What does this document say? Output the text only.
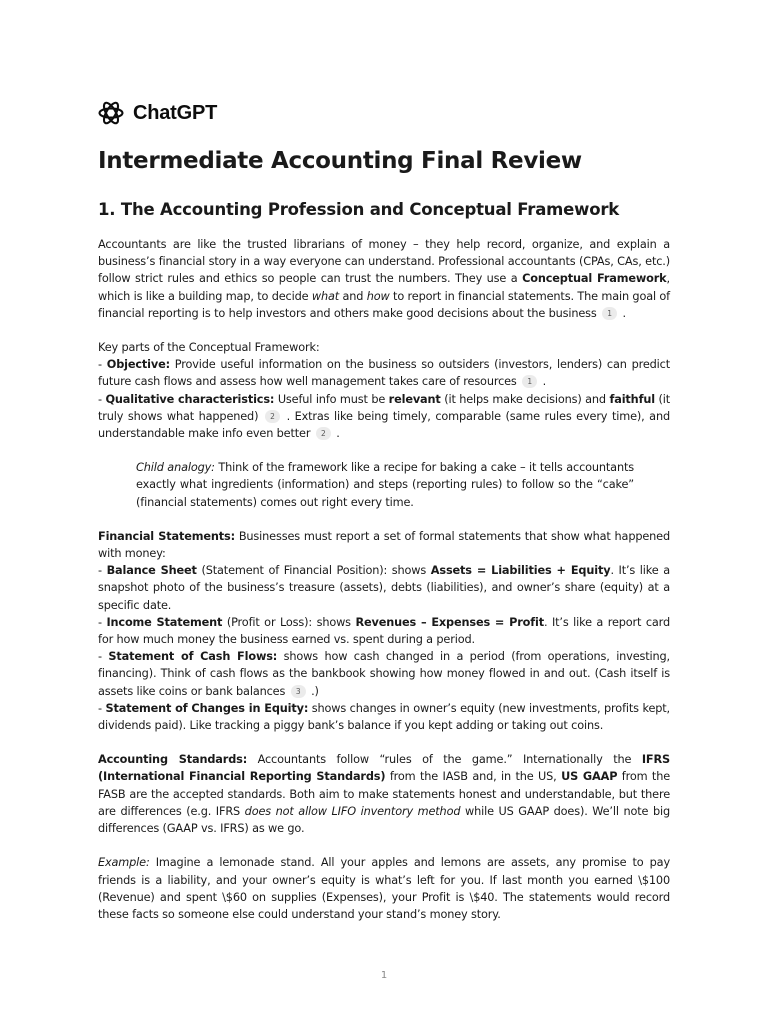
ChatGPT
Intermediate Accounting Final Review
1. The Accounting Profession and Conceptual Framework

Accountants are like the trusted librarians of money – they help record, organize, and explain a business’s financial story in a way everyone can understand. Professional accountants (CPAs, CAs, etc.) follow strict rules and ethics so people can trust the numbers. They use a Conceptual Framework, which is like a building map, to decide what and how to report in financial statements. The main goal of financial reporting is to help investors and others make good decisions about the business 1 .

Key parts of the Conceptual Framework:
- Objective: Provide useful information on the business so outsiders (investors, lenders) can predict future cash flows and assess how well management takes care of resources 1 .
- Qualitative characteristics: Useful info must be relevant (it helps make decisions) and faithful (it truly shows what happened) 2 . Extras like being timely, comparable (same rules every time), and understandable make info even better 2 .

Child analogy: Think of the framework like a recipe for baking a cake – it tells accountants exactly what ingredients (information) and steps (reporting rules) to follow so the “cake” (financial statements) comes out right every time.

Financial Statements: Businesses must report a set of formal statements that show what happened with money:
- Balance Sheet (Statement of Financial Position): shows Assets = Liabilities + Equity. It’s like a snapshot photo of the business’s treasure (assets), debts (liabilities), and owner’s share (equity) at a specific date.
- Income Statement (Profit or Loss): shows Revenues – Expenses = Profit. It’s like a report card for how much money the business earned vs. spent during a period.
- Statement of Cash Flows: shows how cash changed in a period (from operations, investing, financing). Think of cash flows as the bankbook showing how money flowed in and out. (Cash itself is assets like coins or bank balances 3 .)
- Statement of Changes in Equity: shows changes in owner’s equity (new investments, profits kept, dividends paid). Like tracking a piggy bank’s balance if you kept adding or taking out coins.

Accounting Standards: Accountants follow “rules of the game.” Internationally the IFRS (International Financial Reporting Standards) from the IASB and, in the US, US GAAP from the FASB are the accepted standards. Both aim to make statements honest and understandable, but there are differences (e.g. IFRS does not allow LIFO inventory method while US GAAP does). We’ll note big differences (GAAP vs. IFRS) as we go.

Example: Imagine a lemonade stand. All your apples and lemons are assets, any promise to pay friends is a liability, and your owner’s equity is what’s left for you. If last month you earned \$100 (Revenue) and spent \$60 on supplies (Expenses), your Profit is \$40. The statements would record these facts so someone else could understand your stand’s money story.

1
